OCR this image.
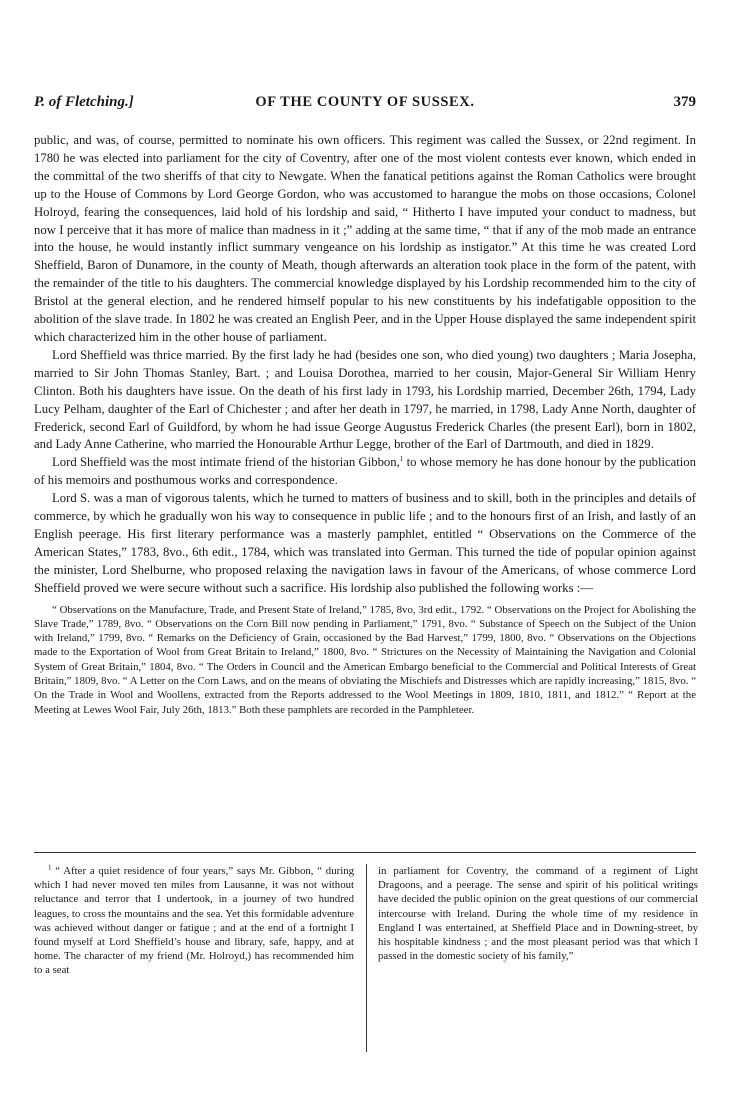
P. of Fletching.]	OF THE COUNTY OF SUSSEX.	379

public, and was, of course, permitted to nominate his own officers. This regiment was called the Sussex, or 22nd regiment. In 1780 he was elected into parliament for the city of Coventry, after one of the most violent contests ever known, which ended in the committal of the two sheriffs of that city to Newgate. When the fanatical petitions against the Roman Catholics were brought up to the House of Commons by Lord George Gordon, who was accustomed to harangue the mobs on those occasions, Colonel Holroyd, fearing the consequences, laid hold of his lordship and said, “ Hitherto I have imputed your conduct to madness, but now I perceive that it has more of malice than madness in it ;” adding at the same time, “ that if any of the mob made an entrance into the house, he would instantly inflict summary vengeance on his lordship as instigator.” At this time he was created Lord Sheffield, Baron of Dunamore, in the county of Meath, though afterwards an alteration took place in the form of the patent, with the remainder of the title to his daughters. The commercial knowledge displayed by his Lordship recommended him to the city of Bristol at the general election, and he rendered himself popular to his new constituents by his indefatigable opposition to the abolition of the slave trade. In 1802 he was created an English Peer, and in the Upper House displayed the same independent spirit which characterized him in the other house of parliament.

Lord Sheffield was thrice married. By the first lady he had (besides one son, who died young) two daughters ; Maria Josepha, married to Sir John Thomas Stanley, Bart. ; and Louisa Dorothea, married to her cousin, Major-General Sir William Henry Clinton. Both his daughters have issue. On the death of his first lady in 1793, his Lordship married, December 26th, 1794, Lady Lucy Pelham, daughter of the Earl of Chichester ; and after her death in 1797, he married, in 1798, Lady Anne North, daughter of Frederick, second Earl of Guildford, by whom he had issue George Augustus Frederick Charles (the present Earl), born in 1802, and Lady Anne Catherine, who married the Honourable Arthur Legge, brother of the Earl of Dartmouth, and died in 1829.

Lord Sheffield was the most intimate friend of the historian Gibbon,$^1$ to whose memory he has done honour by the publication of his memoirs and posthumous works and correspondence.

Lord S. was a man of vigorous talents, which he turned to matters of business and to skill, both in the principles and details of commerce, by which he gradually won his way to consequence in public life ; and to the honours first of an Irish, and lastly of an English peerage. His first literary performance was a masterly pamphlet, entitled “ Observations on the Commerce of the American States,” 1783, 8vo., 6th edit., 1784, which was translated into German. This turned the tide of popular opinion against the minister, Lord Shelburne, who proposed relaxing the navigation laws in favour of the Americans, of whose commerce Lord Sheffield proved we were secure without such a sacrifice. His lordship also published the following works :—

“ Observations on the Manufacture, Trade, and Present State of Ireland,” 1785, 8vo, 3rd edit., 1792. “ Observations on the Project for Abolishing the Slave Trade,” 1789, 8vo. “ Observations on the Corn Bill now pending in Parliament,” 1791, 8vo. “ Substance of Speech on the Subject of the Union with Ireland,” 1799, 8vo. “ Remarks on the Deficiency of Grain, occasioned by the Bad Harvest,” 1799, 1800, 8vo. “ Observations on the Objections made to the Exportation of Wool from Great Britain to Ireland,” 1800, 8vo. “ Strictures on the Necessity of Maintaining the Navigation and Colonial System of Great Britain,” 1804, 8vo. “ The Orders in Council and the American Embargo beneficial to the Commercial and Political Interests of Great Britain,” 1809, 8vo. “ A Letter on the Corn Laws, and on the means of obviating the Mischiefs and Distresses which are rapidly increasing,” 1815, 8vo. “ On the Trade in Wool and Woollens, extracted from the Reports addressed to the Wool Meetings in 1809, 1810, 1811, and 1812.” “ Report at the Meeting at Lewes Wool Fair, July 26th, 1813.” Both these pamphlets are recorded in the Pamphleteer.

$^1$ “ After a quiet residence of four years,” says Mr. Gibbon, “ during which I had never moved ten miles from Lausanne, it was not without reluctance and terror that I undertook, in a journey of two hundred leagues, to cross the mountains and the sea. Yet this formidable adventure was achieved without danger or fatigue ; and at the end of a fortnight I found myself at Lord Sheffield’s house and library, safe, happy, and at home. The character of my friend (Mr. Holroyd,) has recommended him to a seat
in parliament for Coventry, the command of a regiment of Light Dragoons, and a peerage. The sense and spirit of his political writings have decided the public opinion on the great questions of our commercial intercourse with Ireland. During the whole time of my residence in England I was entertained, at Sheffield Place and in Downing-street, by his hospitable kindness ; and the most pleasant period was that which I passed in the domestic society of his family,”
